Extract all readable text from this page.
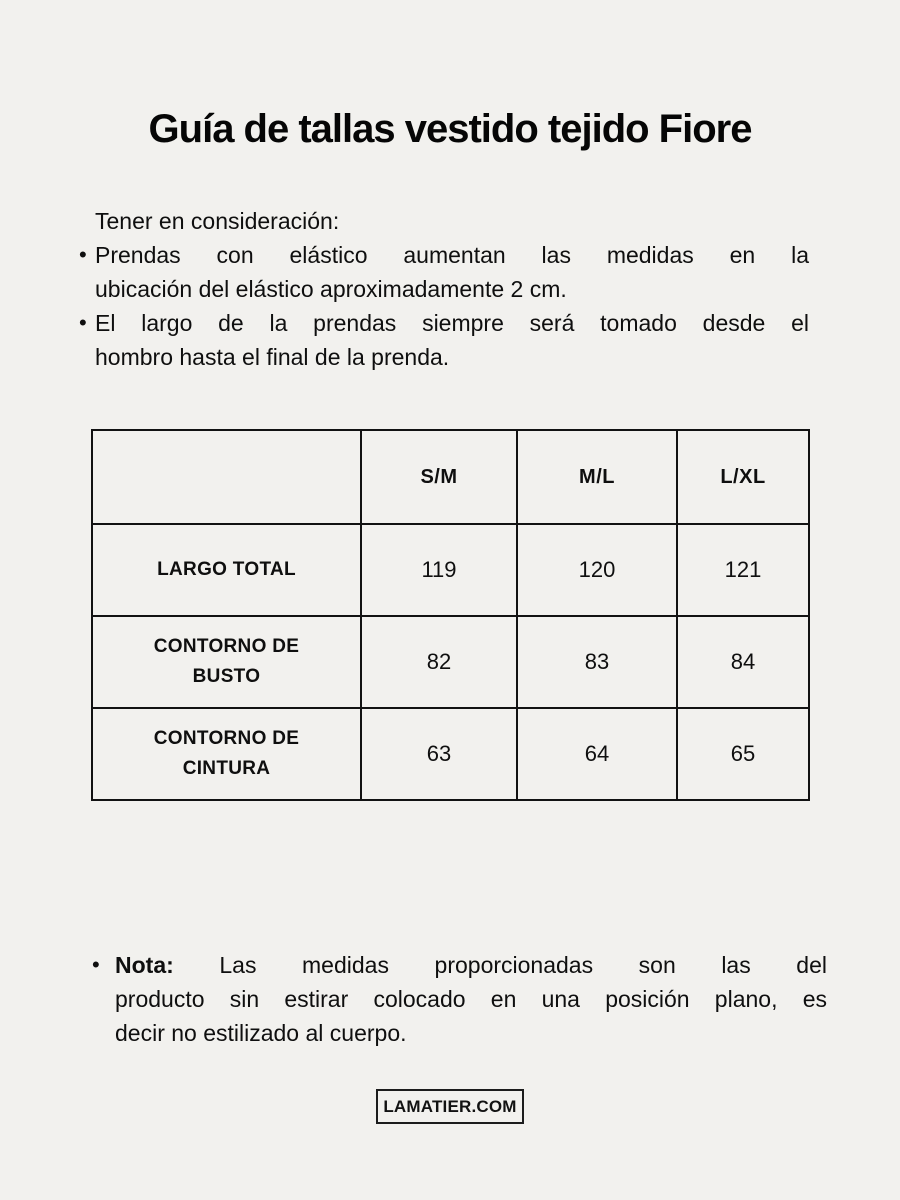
Guía de tallas vestido tejido Fiore
Tener en consideración:
• Prendas con elástico aumentan las medidas en la
ubicación del elástico aproximadamente 2 cm.
• El largo de la prendas siempre será tomado desde el
hombro hasta el final de la prenda.
	S/M	M/L	L/XL

LARGO TOTAL	119	120	121

CONTORNO DE BUSTO	82	83	84

CONTORNO DE CINTURA	63	64	65
• Nota: Las medidas proporcionadas son las del
producto sin estirar colocado en una posición plano, es
decir no estilizado al cuerpo.
LAMATIER.COM
